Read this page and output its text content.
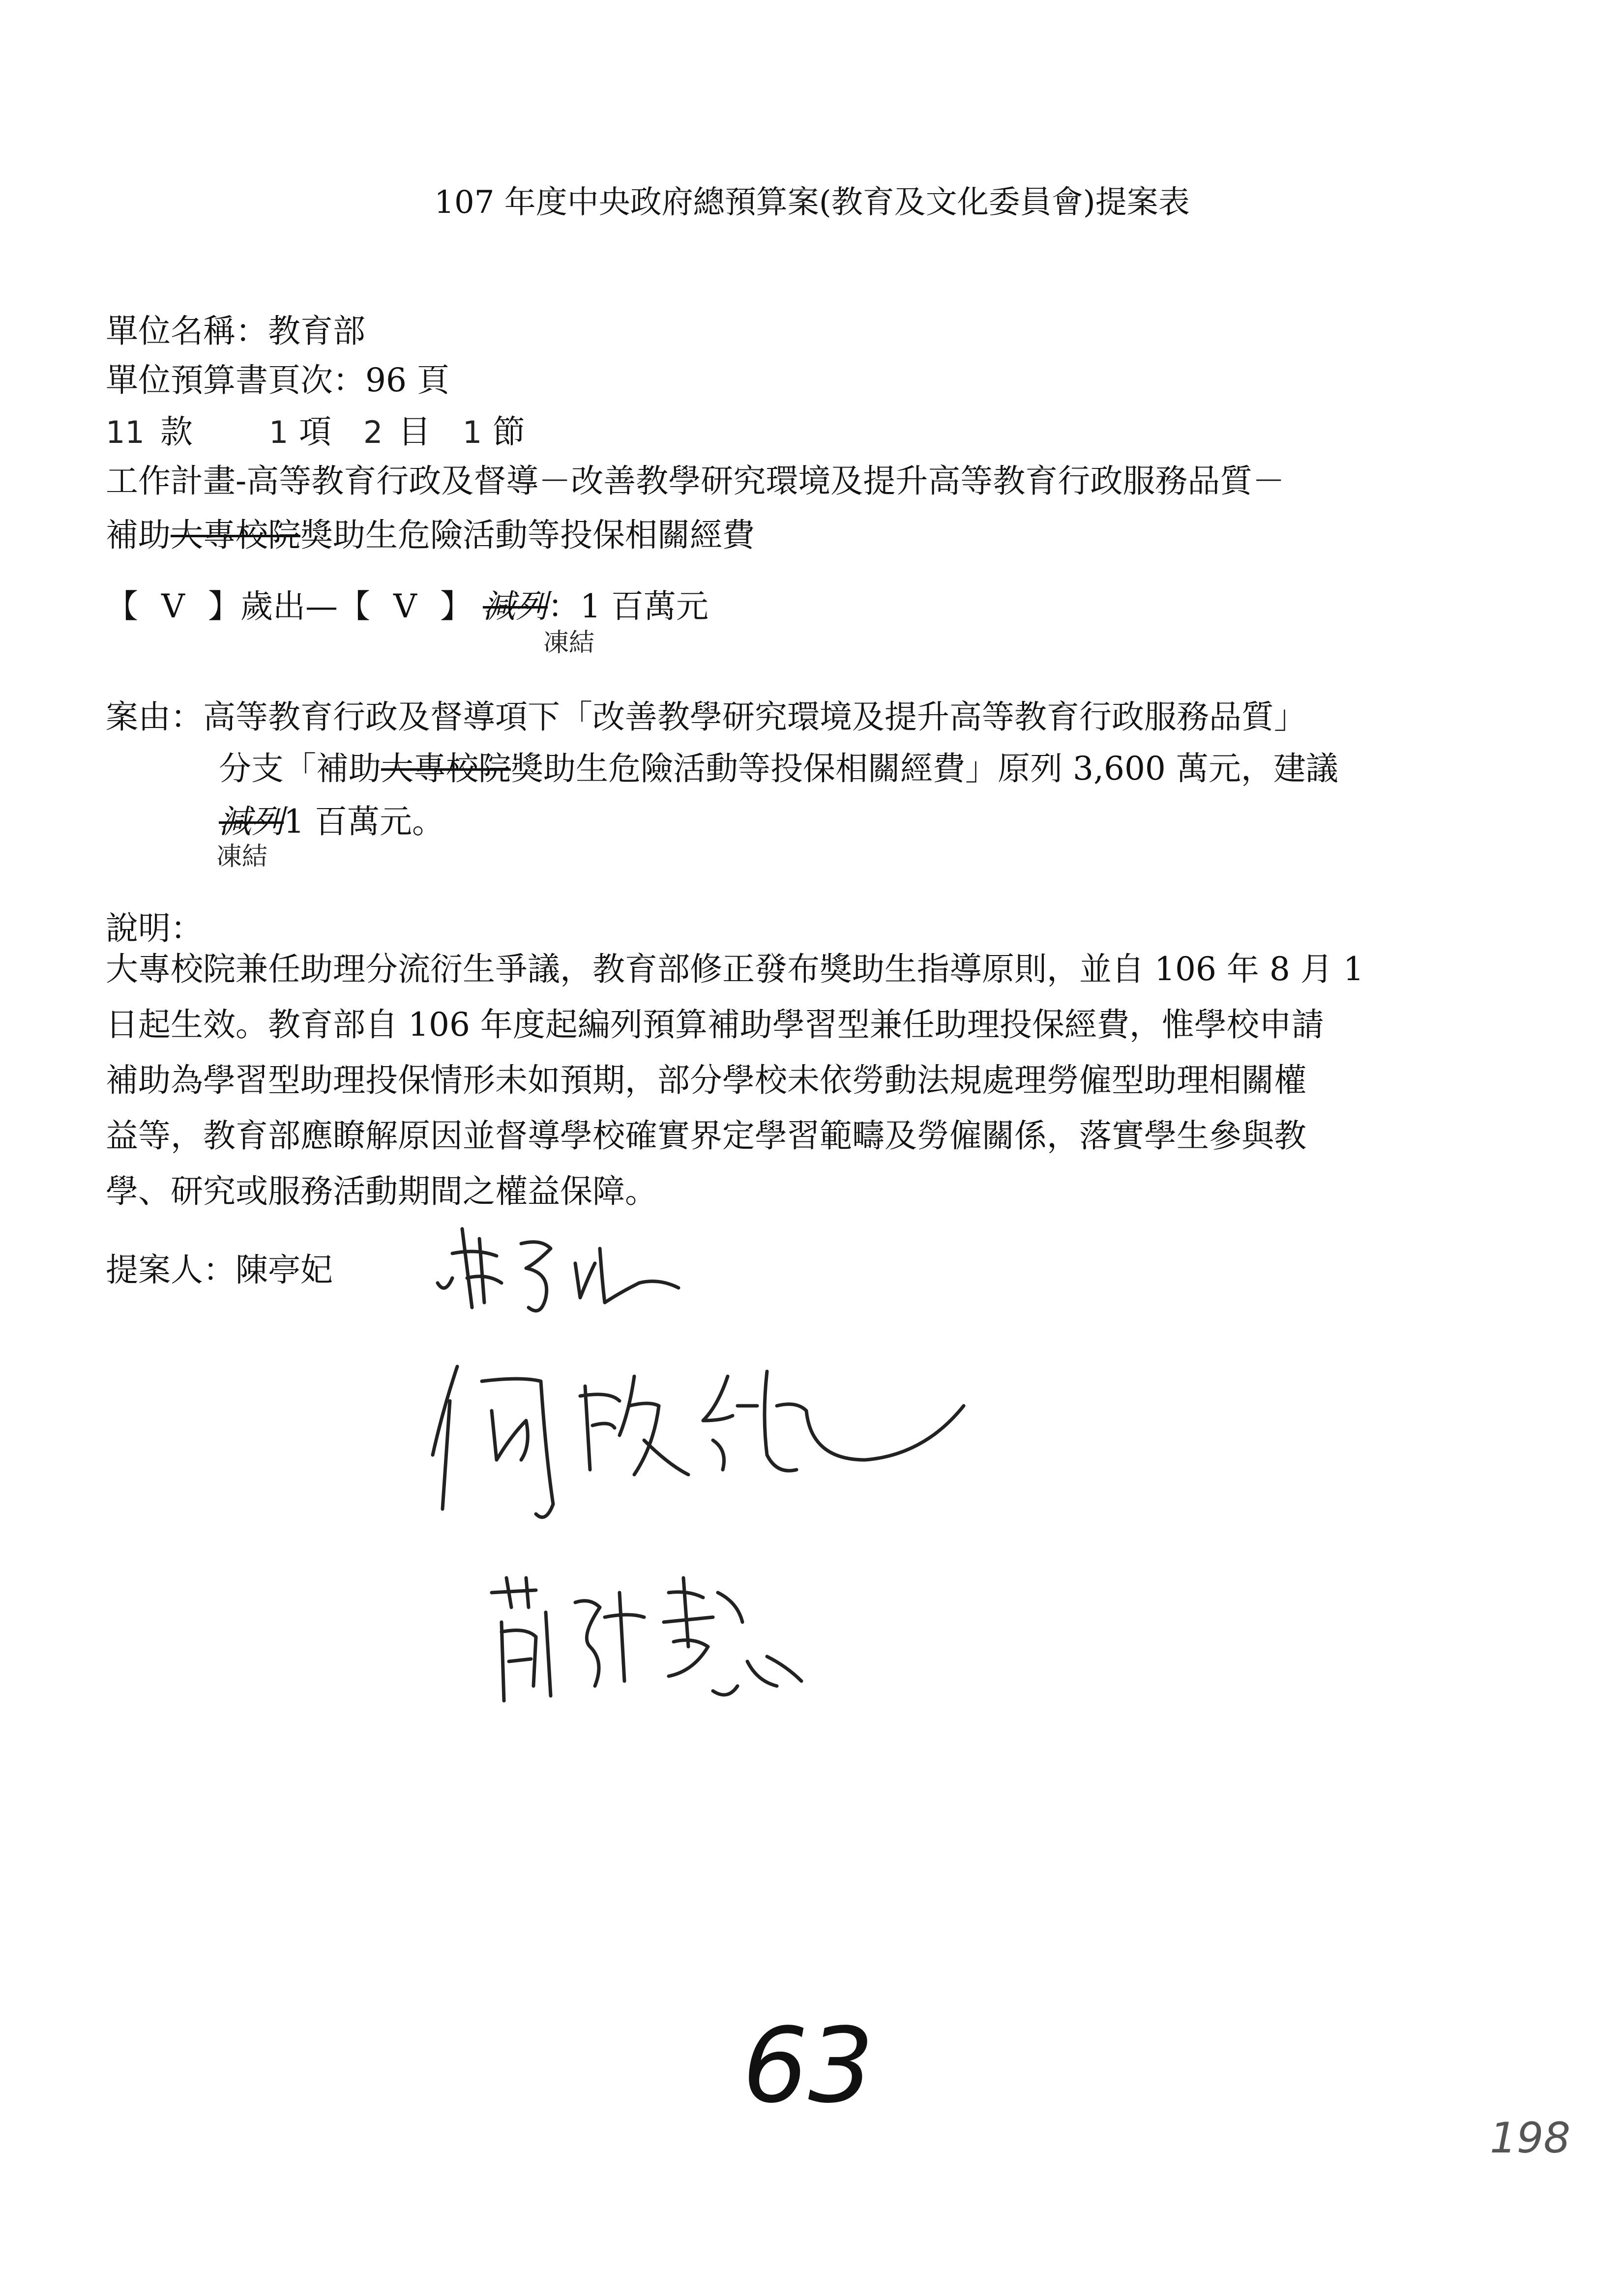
107 年度中央政府總預算案(教育及文化委員會)提案表
單位名稱：教育部
單位預算書頁次：96 頁
11 款 1 項 2 目 1 節
工作計畫-高等教育行政及督導－改善教學研究環境及提升高等教育行政服務品質－
補助大專校院獎助生危險活動等投保相關經費
【 V 】歲出—【 V 】 減列：1 百萬元
凍結
案由：高等教育行政及督導項下「改善教學研究環境及提升高等教育行政服務品質」
分支「補助大專校院獎助生危險活動等投保相關經費」原列 3,600 萬元，建議
減列1 百萬元。
凍結
說明：
大專校院兼任助理分流衍生爭議，教育部修正發布獎助生指導原則，並自 106 年 8 月 1
日起生效。教育部自 106 年度起編列預算補助學習型兼任助理投保經費，惟學校申請
補助為學習型助理投保情形未如預期，部分學校未依勞動法規處理勞僱型助理相關權
益等，教育部應瞭解原因並督導學校確實界定學習範疇及勞僱關係，落實學生參與教
學、研究或服務活動期間之權益保障。
提案人：陳亭妃
63
198
